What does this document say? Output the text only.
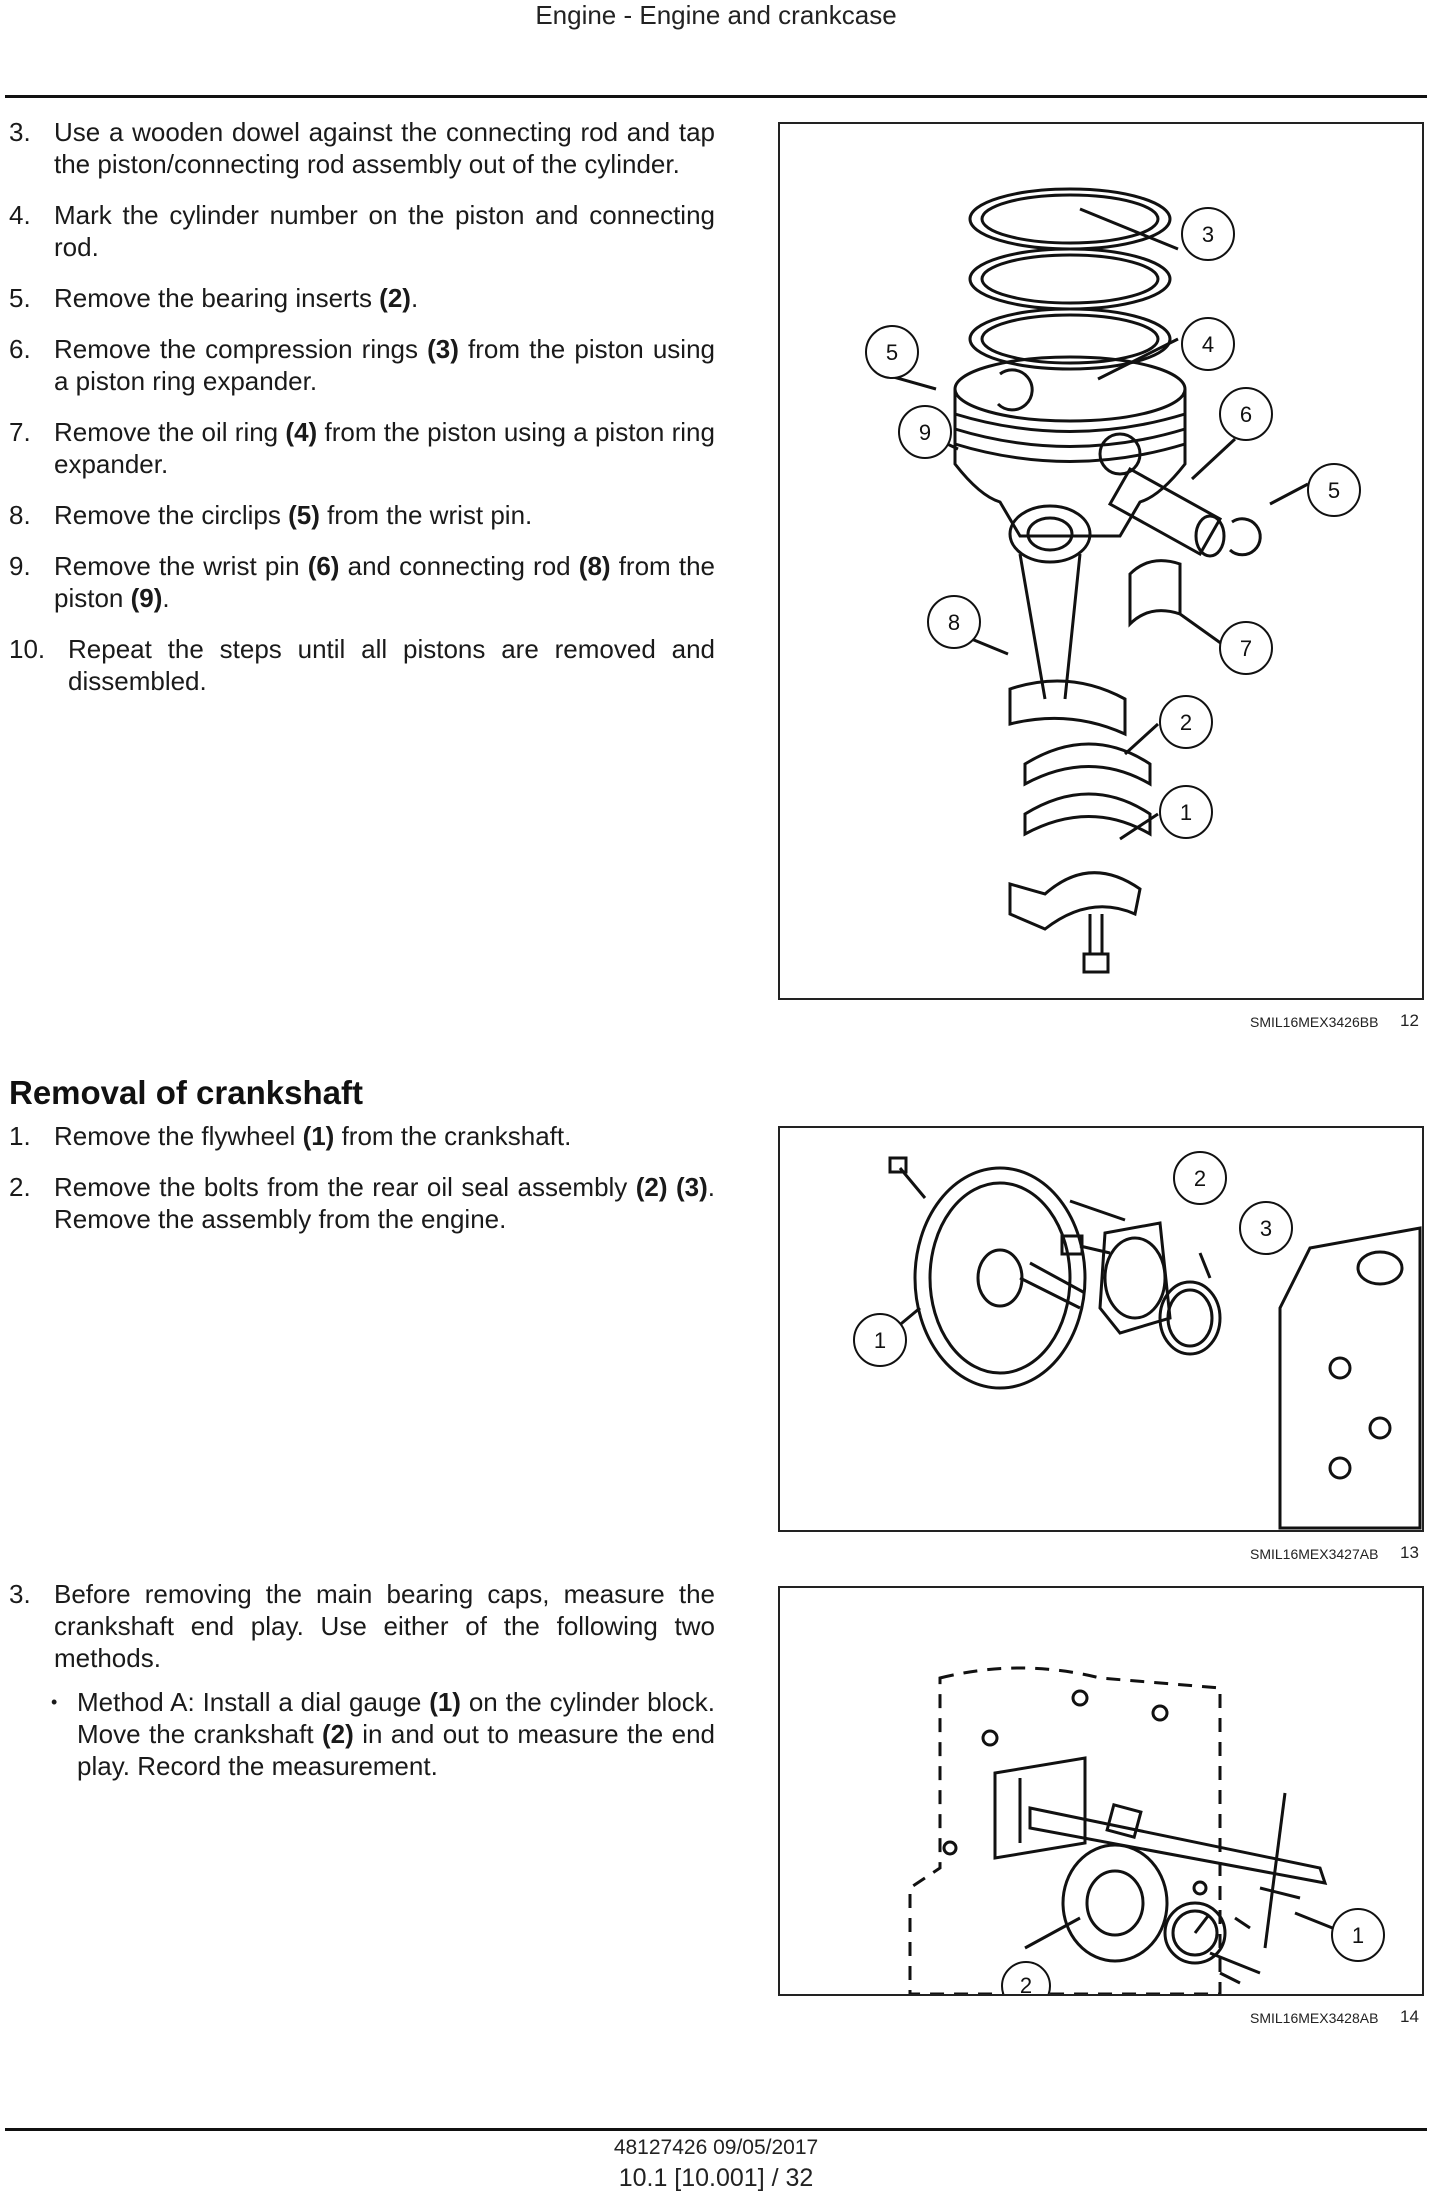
Engine - Engine and crankcase
3. Use a wooden dowel against the connecting rod and tap the piston/connecting rod assembly out of the cylinder.
4. Mark the cylinder number on the piston and connecting rod.
5. Remove the bearing inserts (2).
6. Remove the compression rings (3) from the piston using a piston ring expander.
7. Remove the oil ring (4) from the piston using a piston ring expander.
8. Remove the circlips (5) from the wrist pin.
9. Remove the wrist pin (6) and connecting rod (8) from the piston (9).
10. Repeat the steps until all pistons are removed and dissembled.
3
4
5
6
9
5
8
7
2
1
SMIL16MEX3426BB 12
Removal of crankshaft
1. Remove the flywheel (1) from the crankshaft.
2. Remove the bolts from the rear oil seal assembly (2) (3). Remove the assembly from the engine.
2
3
1
SMIL16MEX3427AB 13
3. Before removing the main bearing caps, measure the crankshaft end play. Use either of the following two methods.
• Method A: Install a dial gauge (1) on the cylinder block. Move the crankshaft (2) in and out to measure the end play. Record the measurement.
1
2
SMIL16MEX3428AB 14
48127426 09/05/2017
10.1 [10.001] / 32
